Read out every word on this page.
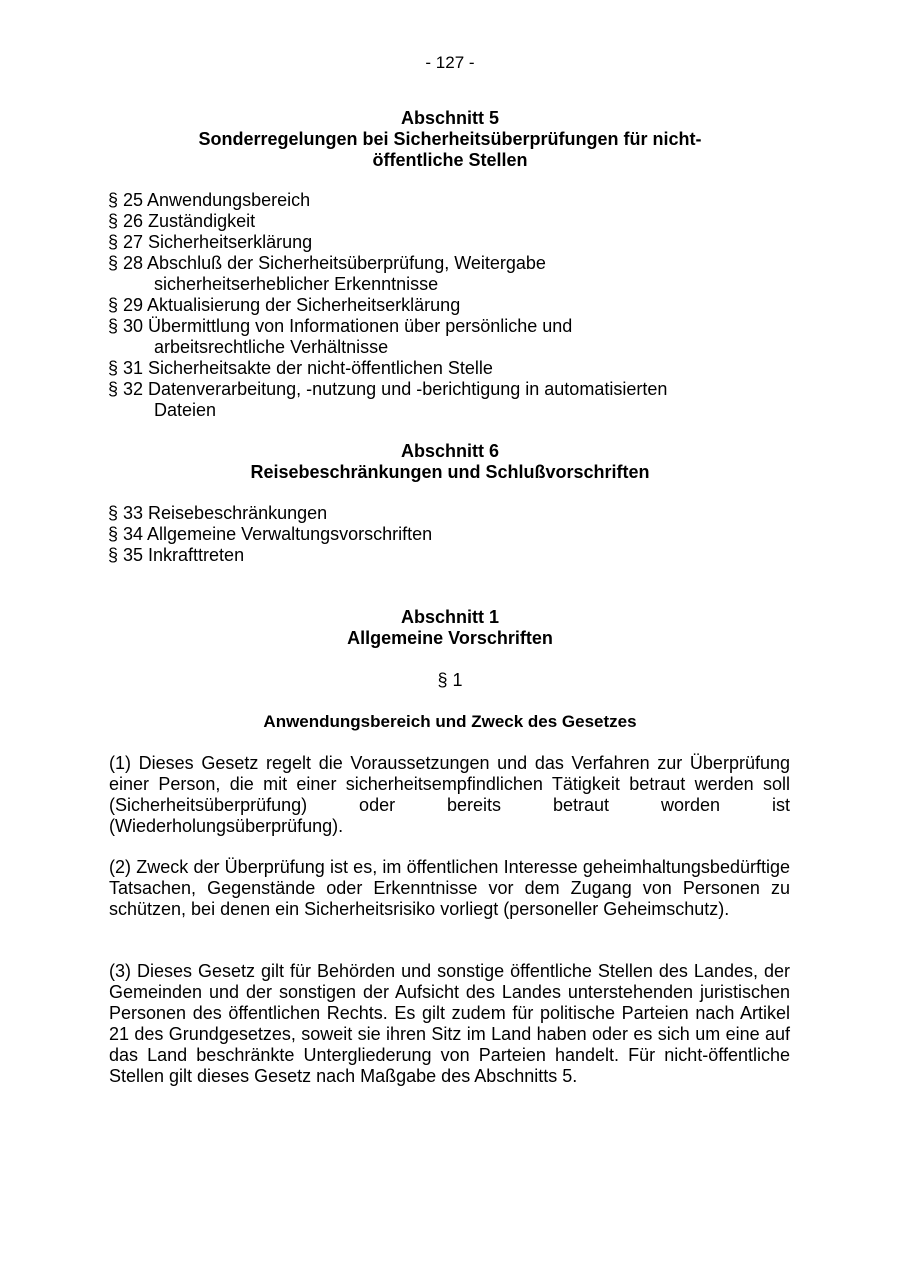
- 127 -
Abschnitt 5
Sonderregelungen bei Sicherheitsüberprüfungen für nicht-
öffentliche Stellen
§ 25 Anwendungsbereich
§ 26 Zuständigkeit
§ 27 Sicherheitserklärung
§ 28 Abschluß der Sicherheitsüberprüfung, Weitergabe
sicherheitserheblicher Erkenntnisse
§ 29 Aktualisierung der Sicherheitserklärung
§ 30 Übermittlung von Informationen über persönliche und
arbeitsrechtliche Verhältnisse
§ 31 Sicherheitsakte der nicht-öffentlichen Stelle
§ 32 Datenverarbeitung, -nutzung und -berichtigung in automatisierten
Dateien
Abschnitt 6
Reisebeschränkungen und Schlußvorschriften
§ 33 Reisebeschränkungen
§ 34 Allgemeine Verwaltungsvorschriften
§ 35 Inkrafttreten
Abschnitt 1
Allgemeine Vorschriften
§ 1
Anwendungsbereich und Zweck des Gesetzes

(1) Dieses Gesetz regelt die Voraussetzungen und das Verfahren zur Überprüfung einer Person, die mit einer sicherheitsempfindlichen Tätigkeit betraut werden soll (Sicherheitsüberprüfung) oder bereits betraut worden ist (Wiederholungsüberprüfung).

(2) Zweck der Überprüfung ist es, im öffentlichen Interesse geheimhaltungsbedürftige Tatsachen, Gegenstände oder Erkenntnisse vor dem Zugang von Personen zu schützen, bei denen ein Sicherheitsrisiko vorliegt (personeller Geheimschutz).

(3) Dieses Gesetz gilt für Behörden und sonstige öffentliche Stellen des Landes, der Gemeinden und der sonstigen der Aufsicht des Landes unterstehenden juristischen Personen des öffentlichen Rechts. Es gilt zudem für politische Parteien nach Artikel 21 des Grundgesetzes, soweit sie ihren Sitz im Land haben oder es sich um eine auf das Land beschränkte Untergliederung von Parteien handelt. Für nicht-öffentliche Stellen gilt dieses Gesetz nach Maßgabe des Abschnitts 5.
